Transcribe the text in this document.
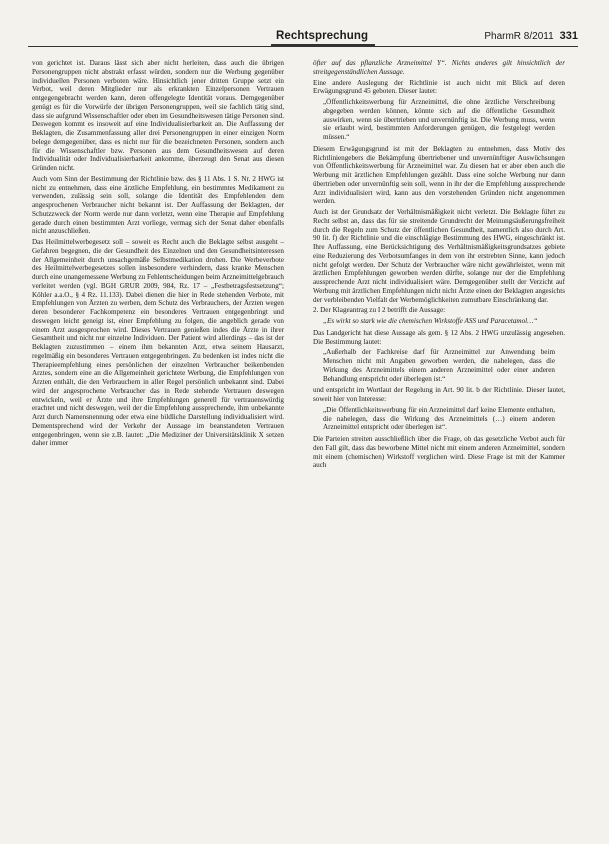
Rechtsprechung	PharmR 8/2011 331

von gerichtet ist. Daraus lässt sich aber nicht herleiten, dass auch die übrigen Personengruppen nicht abstrakt erfasst würden, sondern nur die Werbung gegenüber individuellen Personen verboten wäre. Hinsichtlich jener dritten Gruppe setzt ein Verbot, weil deren Mitglieder nur als erkrankten Einzelpersonen Vertrauen entgegengebracht werden kann, deren offengelegte Identität voraus. Demgegenüber genügt es für die Vorwürfe der übrigen Personengruppen, weil sie fachlich tätig sind, dass sie aufgrund Wissenschaftler oder eben im Gesundheitswesen tätige Personen sind. Deswegen kommt es insoweit auf eine Individualisierbarkeit an. Die Auffassung der Beklagten, die Zusammenfassung aller drei Personengruppen in einer einzigen Norm belege demgegenüber, dass es nicht nur für die bezeichneten Personen, sondern auch für die Wissenschaftler bzw. Personen aus dem Gesundheitswesen auf deren Individualität oder Individualisierbarkeit ankomme, überzeugt den Senat aus diesen Gründen nicht.

Auch vom Sinn der Bestimmung der Richtlinie bzw. des § 11 Abs. 1 S. Nr. 2 HWG ist nicht zu entnehmen, dass eine ärztliche Empfehlung, ein bestimmtes Medikament zu verwenden, zulässig sein soll, solange die Identität des Empfehlenden dem angesprochenen Verbraucher nicht bekannt ist. Der Auffassung der Beklagten, der Schutzzweck der Norm werde nur dann verletzt, wenn eine Therapie auf Empfehlung gerade durch einen bestimmten Arzt vorliege, vermag sich der Senat daher ebenfalls nicht anzuschließen.

Das Heilmittelwerbegesetz soll – soweit es Recht auch die Beklagte selbst ausgeht – Gefahren begegnen, die der Gesundheit des Einzelnen und den Gesundheitsinteressen der Allgemeinheit durch unsachgemäße Selbstmedikation drohen. Die Werbeverbote des Heilmittelwerbegesetzes sollen insbesondere verhindern, dass kranke Menschen durch eine unangemessene Werbung zu Fehlentscheidungen beim Arzneimittelgebrauch verleitet werden (vgl. BGH GRUR 2009, 984, Rz. 17 – „Festbetragsfestsetzung“; Köhler a.a.O., § 4 Rz. 11.133). Dabei dienen die hier in Rede stehenden Verbote, mit Empfehlungen von Ärzten zu werben, dem Schutz des Verbrauchers, der Ärzten wegen deren besonderer Fachkompetenz ein besonderes Vertrauen entgegenbringt und deswegen leicht geneigt ist, einer Empfehlung zu folgen, die angeblich gerade von einem Arzt ausgesprochen wird. Dieses Vertrauen genießen indes die Ärzte in ihrer Gesamtheit und nicht nur einzelne Individuen. Der Patient wird allerdings – das ist der Beklagten zuzustimmen – einem ihm bekannten Arzt, etwa seinem Hausarzt, regelmäßig ein besonderes Vertrauen entgegenbringen. Zu bedenken ist indes nicht die Therapieempfehlung eines persönlichen der einzelnen Verbraucher beikenbenden Arztes, sondern eine an die Allgemeinheit gerichtete Werbung, die Empfehlungen von Ärzten enthält, die den Verbrauchern in aller Regel persönlich unbekannt sind. Dabei wird der angesprochene Verbraucher das in Rede stehende Vertrauen deswegen entwickeln, weil er Ärzte und ihre Empfehlungen generell für vertrauenswürdig erachtet und nicht deswegen, weil der die Empfehlung aussprechende, ihm unbekannte Arzt durch Namensnennung oder etwa eine bildliche Darstellung individualisiert wird. Dementsprechend wird der Verkehr der Aussage im beanstandeten Vertrauen entgegenbringen, wenn sie z.B. lautet: „Die Mediziner der Universitätsklinik X setzen daher immer

öfter auf das pflanzliche Arzneimittel Y“. Nichts anderes gilt hinsichtlich der streitgegenständlichen Aussage.

Eine andere Auslegung der Richtlinie ist auch nicht mit Blick auf deren Erwägungsgrund 45 geboten. Dieser lautet:

„Öffentlichkeitswerbung für Arzneimittel, die ohne ärztliche Verschreibung abgegeben werden können, könnte sich auf die öffentliche Gesundheit auswirken, wenn sie übertrieben und unvernünftig ist. Die Werbung muss, wenn sie erlaubt wird, bestimmten Anforderungen genügen, die festgelegt werden müssen.“

Diesem Erwägungsgrund ist mit der Beklagten zu entnehmen, dass Motiv des Richtliniengebers die Bekämpfung übertriebener und unvernünftiger Auswüchsungen von Öffentlichkeitswerbung für Arzneimittel war. Zu diesen hat er aber eben auch die Werbung mit ärztlichen Empfehlungen gezählt. Dass eine solche Werbung nur dann übertrieben oder unvernünftig sein soll, wenn in ihr der die Empfehlung aussprechende Arzt individualisiert wird, kann aus den vorstehenden Gründen nicht angenommen werden.

Auch ist der Grundsatz der Verhältnismäßigkeit nicht verletzt. Die Beklagte führt zu Recht selbst an, dass das für sie streitende Grundrecht der Meinungsäußerungsfreiheit durch die Regeln zum Schutz der öffentlichen Gesundheit, namentlich also durch Art. 90 lit. f) der Richtlinie und die einschlägige Bestimmung des HWG, eingeschränkt ist. Ihre Auffassung, eine Berücksichtigung des Verhältnismäßigkeitsgrundsatzes gebiete eine Reduzierung des Verbotsumfanges in dem von ihr erstrebten Sinne, kann jedoch nicht gefolgt werden. Der Schutz der Verbraucher wäre nicht gewährleistet, wenn mit ärztlichen Empfehlungen geworben werden dürfte, solange nur der die Empfehlung aussprechende Arzt nicht individualisiert wäre. Demgegenüber stellt der Verzicht auf Werbung mit ärztlichen Empfehlungen nicht nicht Ärzte einen der Beklagten angesichts der verbleibenden Vielfalt der Werbemöglichkeiten zumutbare Einschränkung dar.

2. Der Klageantrag zu I 2 betrifft die Aussage:

„Es wirkt so stark wie die chemischen Wirkstoffe ASS und Paracetamol…“

Das Landgericht hat diese Aussage als gem. § 12 Abs. 2 HWG unzulässig angesehen. Die Bestimmung lautet:

„Außerhalb der Fachkreise darf für Arzneimittel zur Anwendung beim Menschen nicht mit Angaben geworben werden, die nahelegen, dass die Wirkung des Arzneimittels einem anderen Arzneimittel oder einer anderen Behandlung entspricht oder überlegen ist.“

und entspricht im Wortlaut der Regelung in Art. 90 lit. b der Richtlinie. Dieser lautet, soweit hier von Interesse:

„Die Öffentlichkeitswerbung für ein Arzneimittel darf keine Elemente enthalten, die nahelegen, dass die Wirkung des Arzneimittels (…) einem anderen Arzneimittel entspricht oder überlegen ist“.

Die Parteien streiten ausschließlich über die Frage, ob das gesetzliche Verbot auch für den Fall gilt, dass das beworbene Mittel nicht mit einem anderen Arzneimittel, sondern mit einem (chemischen) Wirkstoff verglichen wird. Diese Frage ist mit der Kammer auch
